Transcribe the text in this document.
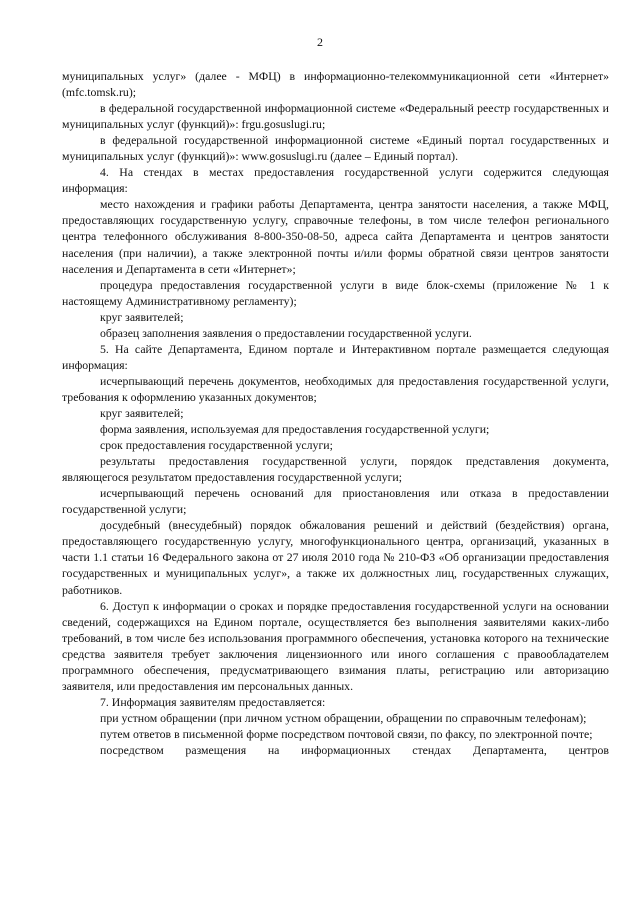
2

муниципальных услуг» (далее - МФЦ) в информационно-телекоммуникационной сети «Интернет» (mfc.tomsk.ru);

в федеральной государственной информационной системе «Федеральный реестр государственных и муниципальных услуг (функций)»: frgu.gosuslugi.ru;

в федеральной государственной информационной системе «Единый портал государственных и муниципальных услуг (функций)»: www.gosuslugi.ru (далее – Единый портал).

4. На стендах в местах предоставления государственной услуги содержится следующая информация:

место нахождения и графики работы Департамента, центра занятости населения, а также МФЦ, предоставляющих государственную услугу, справочные телефоны, в том числе телефон регионального центра телефонного обслуживания 8-800-350-08-50, адреса сайта Департамента и центров занятости населения (при наличии), а также электронной почты и/или формы обратной связи центров занятости населения и Департамента в сети «Интернет»;

процедура предоставления государственной услуги в виде блок-схемы (приложение № 1 к настоящему Административному регламенту);

круг заявителей;

образец заполнения заявления о предоставлении государственной услуги.

5. На сайте Департамента, Едином портале и Интерактивном портале размещается следующая информация:

исчерпывающий перечень документов, необходимых для предоставления государственной услуги, требования к оформлению указанных документов;

круг заявителей;

форма заявления, используемая для предоставления государственной услуги;

срок предоставления государственной услуги;

результаты предоставления государственной услуги, порядок представления документа, являющегося результатом предоставления государственной услуги;

исчерпывающий перечень оснований для приостановления или отказа в предоставлении государственной услуги;

досудебный (внесудебный) порядок обжалования решений и действий (бездействия) органа, предоставляющего государственную услугу, многофункционального центра, организаций, указанных в части 1.1 статьи 16 Федерального закона от 27 июля 2010 года № 210-ФЗ «Об организации предоставления государственных и муниципальных услуг», а также их должностных лиц, государственных служащих, работников.

6. Доступ к информации о сроках и порядке предоставления государственной услуги на основании сведений, содержащихся на Едином портале, осуществляется без выполнения заявителями каких-либо требований, в том числе без использования программного обеспечения, установка которого на технические средства заявителя требует заключения лицензионного или иного соглашения с правообладателем программного обеспечения, предусматривающего взимания платы, регистрацию или авторизацию заявителя, или предоставления им персональных данных.

7. Информация заявителям предоставляется:

при устном обращении (при личном устном обращении, обращении по справочным телефонам);

путем ответов в письменной форме посредством почтовой связи, по факсу, по электронной почте;

посредством размещения на информационных стендах Департамента, центров
